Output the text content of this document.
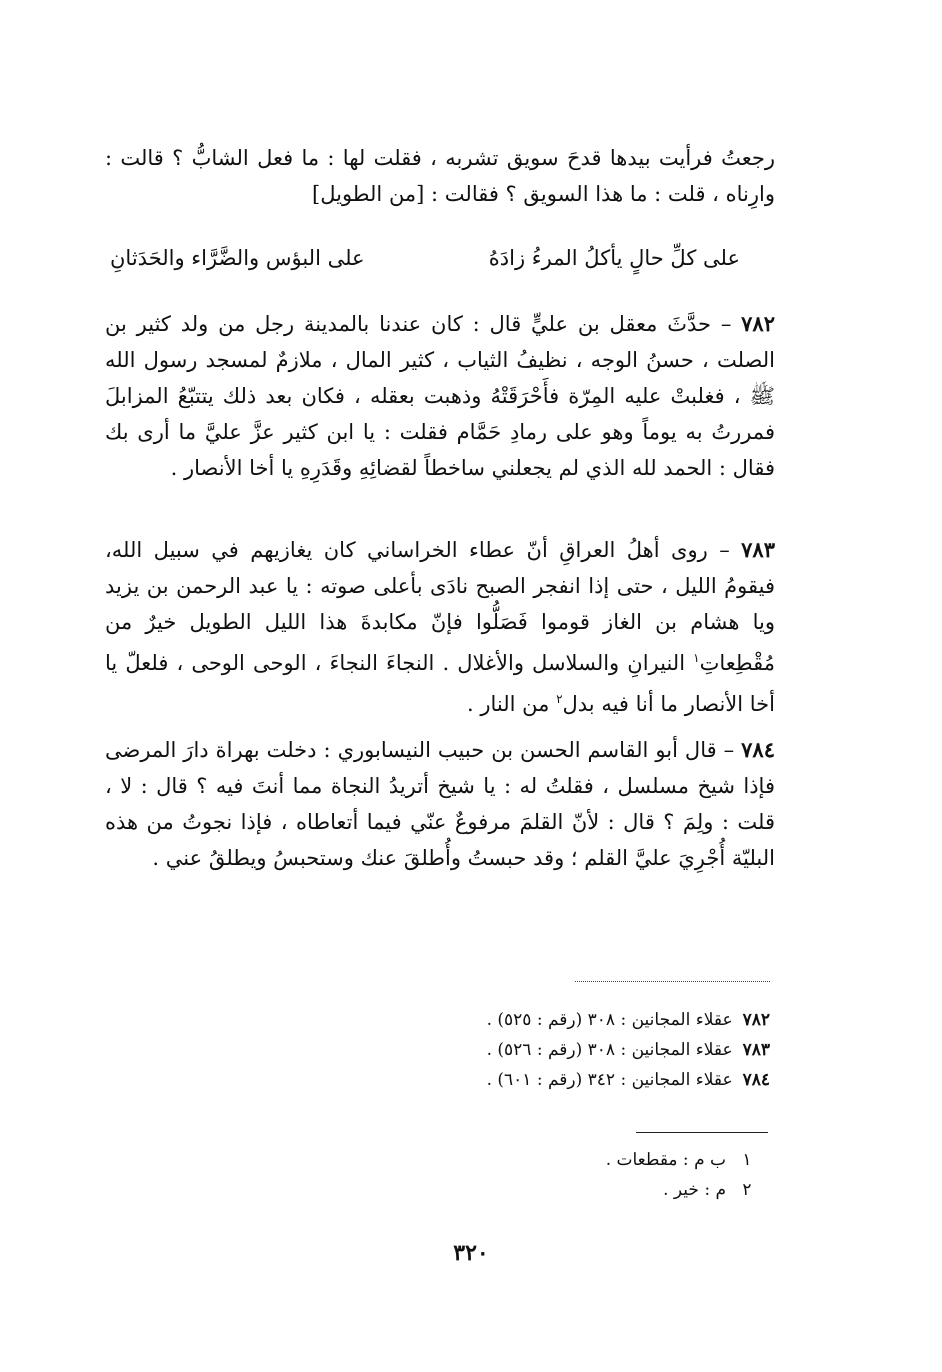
رجعتُ فرأيت بيدها قدحَ سويق تشربه ، فقلت لها : ما فعل الشابُّ ؟ قالت : وارِناه ، قلت : ما هذا السويق ؟ فقالت : [من الطويل]

على كلِّ حالٍ يأكلُ المرءُ زادَهُ
على البؤس والضَّرَّاء والحَدَثانِ

٧٨٢ – حدَّثَ معقل بن عليٍّ قال : كان عندنا بالمدينة رجل من ولد كثير بن الصلت ، حسنُ الوجه ، نظيفُ الثياب ، كثير المال ، ملازمٌ لمسجد رسول الله ﷺ ، فغلبتْ عليه المِرّة فأَحْرَقَتْهُ وذهبت بعقله ، فكان بعد ذلك يتتبّعُ المزابلَ فمررتُ به يوماً وهو على رمادِ حَمَّام فقلت : يا ابن كثير عزَّ عليَّ ما أرى بك فقال : الحمد لله الذي لم يجعلني ساخطاً لقضائِهِ وقَدَرِهِ يا أخا الأنصار .

٧٨٣ – روى أهلُ العراقِ أنّ عطاء الخراساني كان يغازيهم في سبيل الله، فيقومُ الليل ، حتى إذا انفجر الصبح نادَى بأعلى صوته : يا عبد الرحمن بن يزيد ويا هشام بن الغاز قوموا فَصَلُّوا فإنّ مكابدةَ هذا الليل الطويل خيرٌ من مُقْطِعاتِ$^١$ النيرانِ والسلاسل والأغلال . النجاءَ النجاءَ ، الوحى الوحى ، فلعلّ يا أخا الأنصار ما أنا فيه بدل$^٢$ من النار .

٧٨٤ – قال أبو القاسم الحسن بن حبيب النيسابوري : دخلت بهراة دارَ المرضى فإذا شيخ مسلسل ، فقلتُ له : يا شيخ أتريدُ النجاة مما أنتَ فيه ؟ قال : لا ، قلت : ولِمَ ؟ قال : لأنّ القلمَ مرفوعٌ عنّي فيما أتعاطاه ، فإذا نجوتُ من هذه البليّة أُجْرِيَ عليَّ القلم ؛ وقد حبستُ وأُطلقَ عنك وستحبسُ ويطلقُ عني .

٧٨٢عقلاء المجانين : ٣٠٨ (رقم : ٥٢٥) .
٧٨٣عقلاء المجانين : ٣٠٨ (رقم : ٥٢٦) .
٧٨٤عقلاء المجانين : ٣٤٢ (رقم : ٦٠١) .
١ب م : مقطعات .
٢م : خير .
٣٢٠
